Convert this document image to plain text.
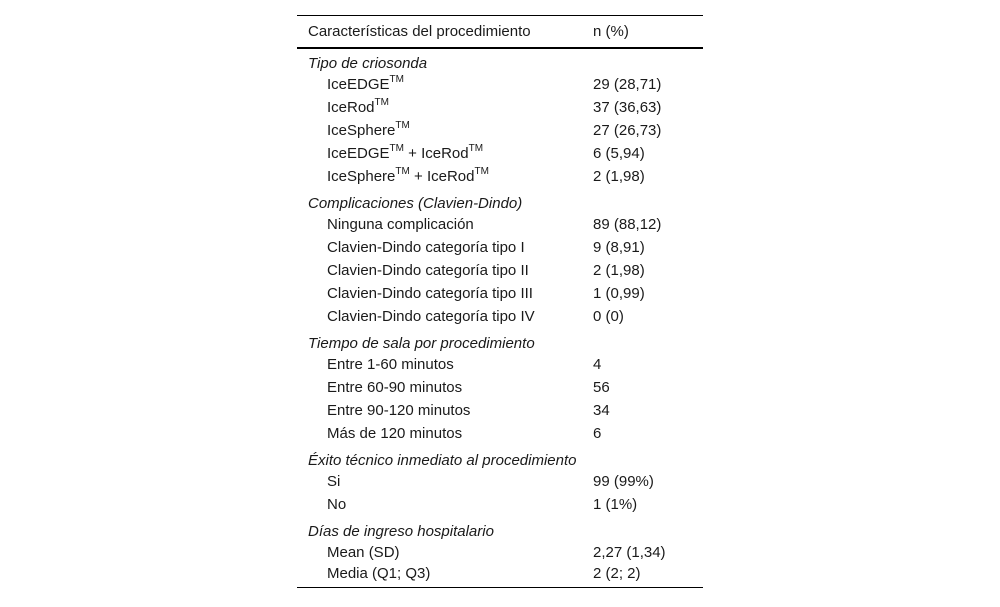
Características del procedimiento	n (%)
Tipo de criosonda	
IceEDGE™	29 (28,71)
IceRod™	37 (36,63)
IceSphere™	27 (26,73)
IceEDGE™ + IceRod™	6 (5,94)
IceSphere™ + IceRod™	2 (1,98)
Complicaciones (Clavien-Dindo)	
Ninguna complicación	89 (88,12)
Clavien-Dindo categoría tipo I	9 (8,91)
Clavien-Dindo categoría tipo II	2 (1,98)
Clavien-Dindo categoría tipo III	1 (0,99)
Clavien-Dindo categoría tipo IV	0 (0)
Tiempo de sala por procedimiento	
Entre 1-60 minutos	4
Entre 60-90 minutos	56
Entre 90-120 minutos	34
Más de 120 minutos	6
Éxito técnico inmediato al procedimiento	
Si	99 (99%)
No	1 (1%)
Días de ingreso hospitalario	
Mean (SD)	2,27 (1,34)
Media (Q1; Q3)	2 (2; 2)
